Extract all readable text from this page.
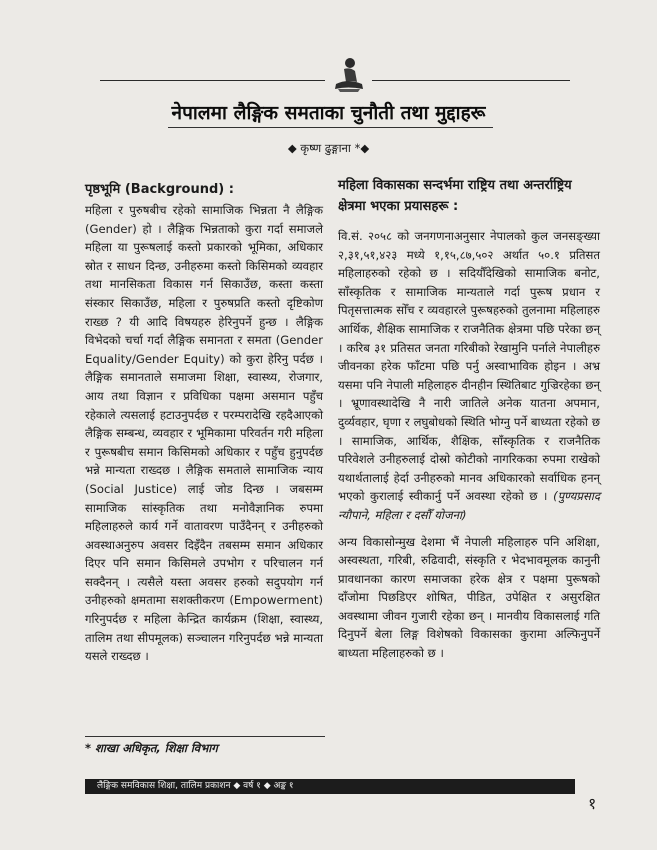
नेपालमा लैङ्गिक समताका चुनौती तथा मुद्दाहरू
◆ कृष्ण ढुङ्गाना *◆
पृष्ठभूमि (Background) :

महिला र पुरुषबीच रहेको सामाजिक भिन्नता नै लैङ्गिक (Gender) हो । लैङ्गिक भिन्नताको कुरा गर्दा समाजले महिला या पुरूषलाई कस्तो प्रकारको भूमिका, अधिकार स्रोत र साधन दिन्छ, उनीहरुमा कस्तो किसिमको व्यवहार तथा मानसिकता विकास गर्न सिकाउँछ, कस्ता कस्ता संस्कार सिकाउँछ, महिला र पुरुषप्रति कस्तो दृष्टिकोण राख्छ ? यी आदि विषयहरु हेरिनुपर्ने हुन्छ । लैङ्गिक विभेदको चर्चा गर्दा लैङ्गिक समानता र समता (Gender Equality/Gender Equity) को कुरा हेरिनु पर्दछ । लैङ्गिक समानताले समाजमा शिक्षा, स्वास्थ्य, रोजगार, आय तथा विज्ञान र प्रविधिका पक्षमा असमान पहुँच रहेकाले त्यसलाई हटाउनुपर्दछ र परम्परादेखि रहदैआएको लैङ्गिक सम्बन्ध, व्यवहार र भूमिकामा परिवर्तन गरी महिला र पुरूषबीच समान किसिमको अधिकार र पहुँच हुनुपर्दछ भन्ने मान्यता राख्दछ । लैङ्गिक समताले सामाजिक न्याय (Social Justice) लाई जोड दिन्छ । जबसम्म सामाजिक सांस्कृतिक तथा मनोवैज्ञानिक रुपमा महिलाहरुले कार्य गर्ने वातावरण पाउँदैनन् र उनीहरुको अवस्थाअनुरुप अवसर दिइँदैन तबसम्म समान अधिकार दिएर पनि समान किसिमले उपभोग र परिचालन गर्न सक्दैनन् । त्यसैले यस्ता अवसर हरुको सदुपयोग गर्न उनीहरुको क्षमतामा सशक्तीकरण (Empowerment) गरिनुपर्दछ र महिला केन्द्रित कार्यक्रम (शिक्षा, स्वास्थ्य, तालिम तथा सीपमूलक) सञ्चालन गरिनुपर्दछ भन्ने मान्यता यसले राख्दछ ।

* शाखा अधिकृत, शिक्षा विभाग
महिला विकासका सन्दर्भमा राष्ट्रिय तथा अन्तर्राष्ट्रिय क्षेत्रमा भएका प्रयासहरू :

वि.सं. २०५८ को जनगणनाअनुसार नेपालको कुल जनसङ्ख्या २,३१,५१,४२३ मध्ये १,१५,८७,५०२ अर्थात ५०.१ प्रतिसत महिलाहरुको रहेको छ । सदियौँदेखिको सामाजिक बनोट, साँस्कृतिक र सामाजिक मान्यताले गर्दा पुरूष प्रधान र पितृसत्तात्मक सोँच र व्यवहारले पुरूषहरुको तुलनामा महिलाहरु आर्थिक, शैक्षिक सामाजिक र राजनैतिक क्षेत्रमा पछि परेका छन् । करिब ३१ प्रतिसत जनता गरिबीको रेखामुनि पर्नाले नेपालीहरु जीवनका हरेक फाँटमा पछि पर्नु अस्वाभाविक होइन । अभ्र यसमा पनि नेपाली महिलाहरु दीनहीन स्थितिबाट गुज्रिरहेका छन् । भ्रूणावस्थादेखि नै नारी जातिले अनेक यातना अपमान, दुर्व्यवहार, घृणा र लघुबोधको स्थिति भोग्नु पर्ने बाध्यता रहेको छ । सामाजिक, आर्थिक, शैक्षिक, साँस्कृतिक र राजनैतिक परिवेशले उनीहरुलाई दोस्रो कोटीको नागरिकका रुपमा राखेको यथार्थतालाई हेर्दा उनीहरुको मानव अधिकारको सर्वाधिक हनन् भएको कुरालाई स्वीकार्नु पर्ने अवस्था रहेको छ । (पुण्यप्रसाद न्यौपाने, महिला र दसौँ योजना)

अन्य विकासोन्मुख देशमा भैं नेपाली महिलाहरु पनि अशिक्षा, अस्वस्थता, गरिबी, रुढिवादी, संस्कृति र भेदभावमूलक कानुनी प्रावधानका कारण समाजका हरेक क्षेत्र र पक्षमा पुरूषको दाँजोमा पिछडिएर शोषित, पीडित, उपेक्षित र असुरक्षित अवस्थामा जीवन गुजारी रहेका छन् । मानवीय विकासलाई गति दिनुपर्ने बेला लिङ्ग विशेषको विकासका कुरामा अल्फिनुपर्ने बाध्यता महिलाहरुको छ ।

लैङ्गिक समविकास शिक्षा, तालिम प्रकाशन ◆ वर्ष १ ◆ अङ्क १
१
